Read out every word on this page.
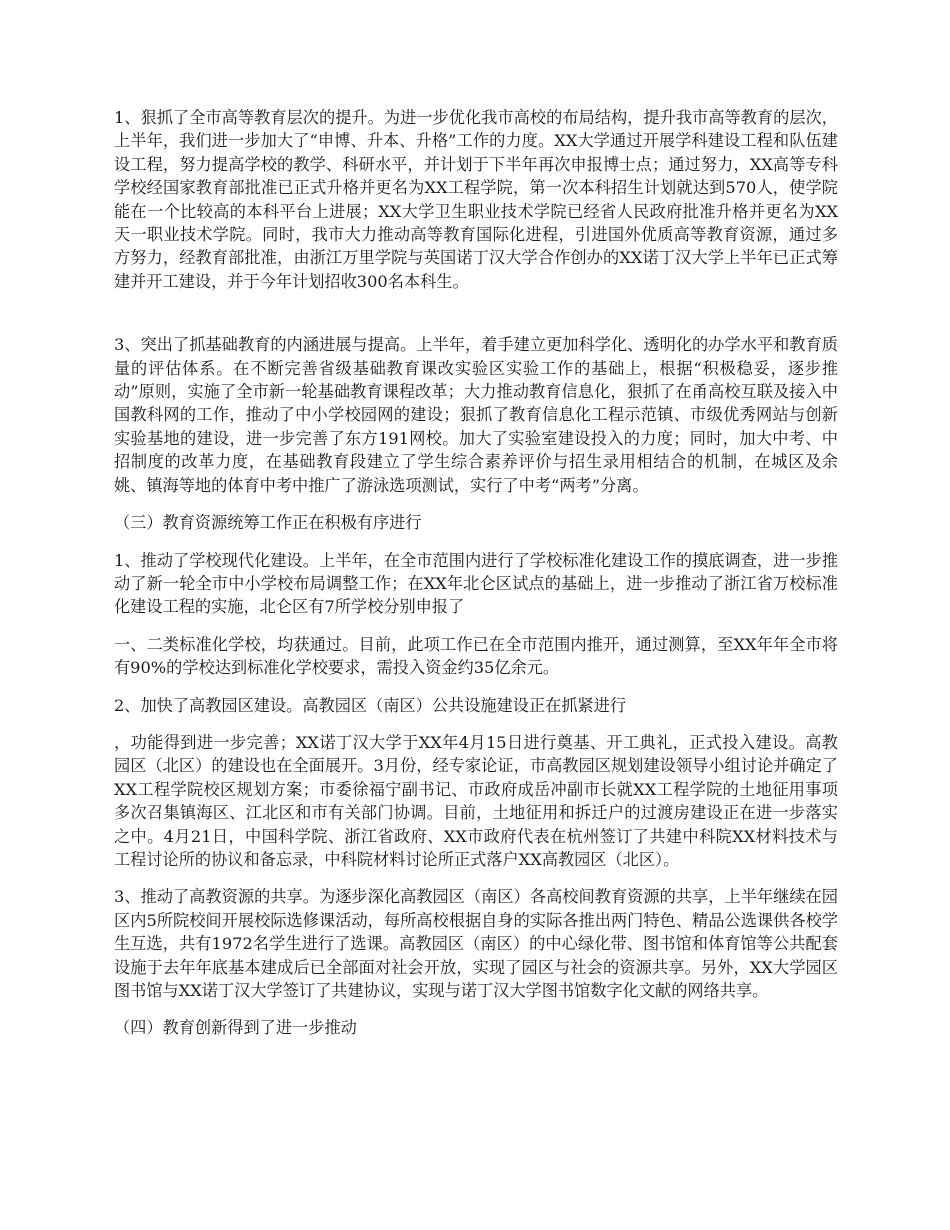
1、狠抓了全市高等教育层次的提升。为进一步优化我市高校的布局结构，提升我市高等教育的层次，上半年，我们进一步加大了“申博、升本、升格”工作的力度。XX大学通过开展学科建设工程和队伍建设工程，努力提高学校的教学、科研水平，并计划于下半年再次申报博士点；通过努力，XX高等专科学校经国家教育部批准已正式升格并更名为XX工程学院，第一次本科招生计划就达到570人，使学院能在一个比较高的本科平台上进展；XX大学卫生职业技术学院已经省人民政府批准升格并更名为XX天一职业技术学院。同时，我市大力推动高等教育国际化进程，引进国外优质高等教育资源，通过多方努力，经教育部批准，由浙江万里学院与英国诺丁汉大学合作创办的XX诺丁汉大学上半年已正式筹建并开工建设，并于今年计划招收300名本科生。

3、突出了抓基础教育的内涵进展与提高。上半年，着手建立更加科学化、透明化的办学水平和教育质量的评估体系。在不断完善省级基础教育课改实验区实验工作的基础上，根据“积极稳妥，逐步推动”原则，实施了全市新一轮基础教育课程改革；大力推动教育信息化，狠抓了在甬高校互联及接入中国教科网的工作，推动了中小学校园网的建设；狠抓了教育信息化工程示范镇、市级优秀网站与创新实验基地的建设，进一步完善了东方191网校。加大了实验室建设投入的力度；同时，加大中考、中招制度的改革力度，在基础教育段建立了学生综合素养评价与招生录用相结合的机制，在城区及余姚、镇海等地的体育中考中推广了游泳选项测试，实行了中考“两考”分离。

（三）教育资源统筹工作正在积极有序进行

1、推动了学校现代化建设。上半年，在全市范围内进行了学校标准化建设工作的摸底调查，进一步推动了新一轮全市中小学校布局调整工作；在XX年北仑区试点的基础上，进一步推动了浙江省万校标准化建设工程的实施，北仑区有7所学校分别申报了

一、二类标准化学校，均获通过。目前，此项工作已在全市范围内推开，通过测算，至XX年年全市将有90%的学校达到标准化学校要求，需投入资金约35亿余元。

2、加快了高教园区建设。高教园区（南区）公共设施建设正在抓紧进行

，功能得到进一步完善；XX诺丁汉大学于XX年4月15日进行奠基、开工典礼，正式投入建设。高教园区（北区）的建设也在全面展开。3月份，经专家论证，市高教园区规划建设领导小组讨论并确定了XX工程学院校区规划方案；市委徐福宁副书记、市政府成岳冲副市长就XX工程学院的土地征用事项多次召集镇海区、江北区和市有关部门协调。目前，土地征用和拆迁户的过渡房建设正在进一步落实之中。4月21日，中国科学院、浙江省政府、XX市政府代表在杭州签订了共建中科院XX材料技术与工程讨论所的协议和备忘录，中科院材料讨论所正式落户XX高教园区（北区）。

3、推动了高教资源的共享。为逐步深化高教园区（南区）各高校间教育资源的共享，上半年继续在园区内5所院校间开展校际选修课活动，每所高校根据自身的实际各推出两门特色、精品公选课供各校学生互选，共有1972名学生进行了选课。高教园区（南区）的中心绿化带、图书馆和体育馆等公共配套设施于去年年底基本建成后已全部面对社会开放，实现了园区与社会的资源共享。另外，XX大学园区图书馆与XX诺丁汉大学签订了共建协议，实现与诺丁汉大学图书馆数字化文献的网络共享。

（四）教育创新得到了进一步推动
